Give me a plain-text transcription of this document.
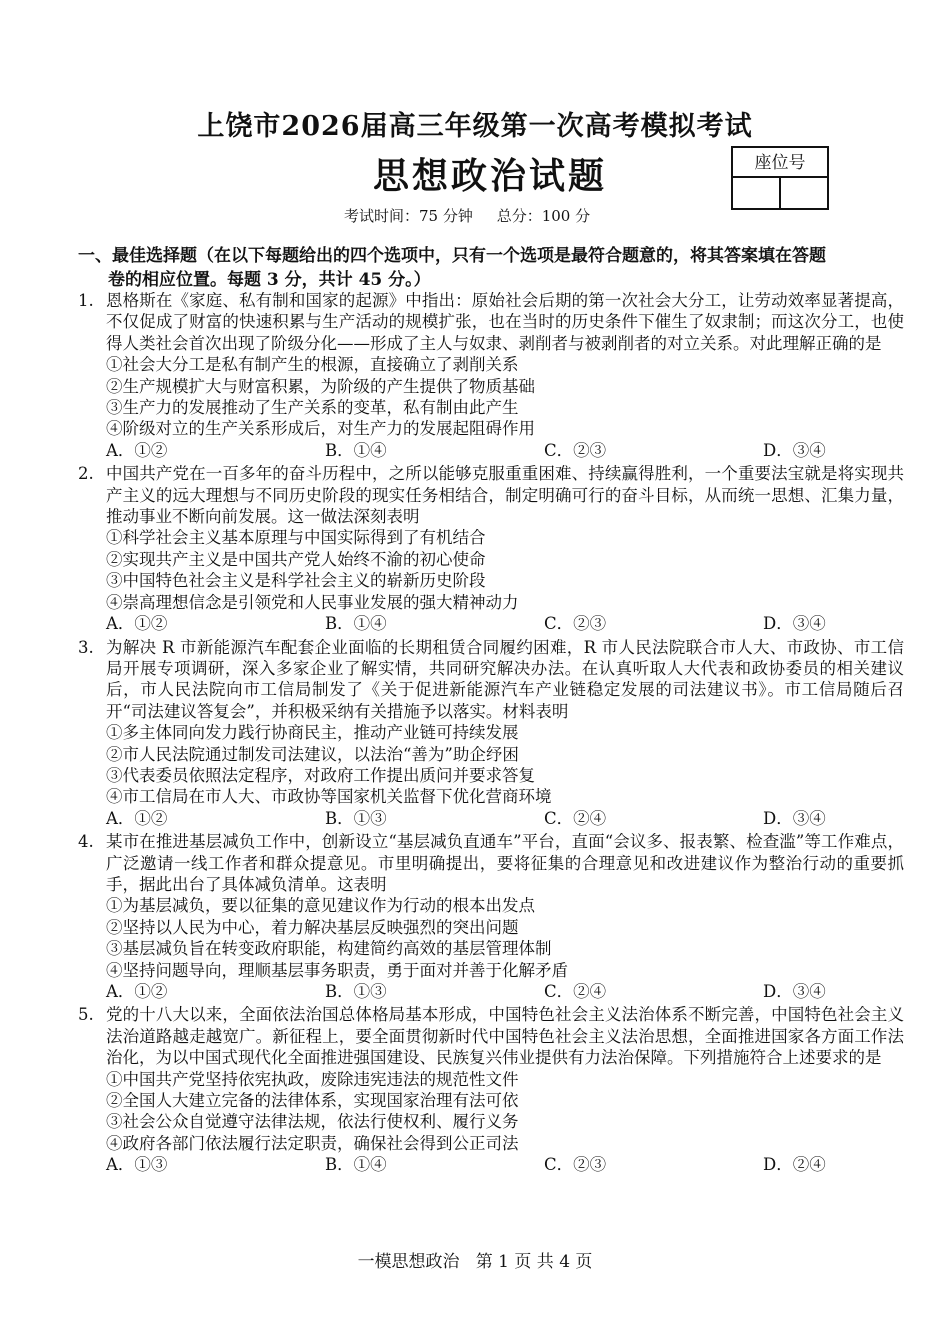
上饶市2026届高三年级第一次高考模拟考试
思想政治试题	座位号
考试时间：75 分钟     总分：100 分
一、最佳选择题（在以下每题给出的四个选项中，只有一个选项是最符合题意的，将其答案填在答题
卷的相应位置。每题 3 分，共计 45 分。）
1. 恩格斯在《家庭、私有制和国家的起源》中指出：原始社会后期的第一次社会大分工，让劳动效率显著提高，不仅促成了财富的快速积累与生产活动的规模扩张，也在当时的历史条件下催生了奴隶制；而这次分工，也使得人类社会首次出现了阶级分化——形成了主人与奴隶、剥削者与被剥削者的对立关系。对此理解正确的是
①社会大分工是私有制产生的根源，直接确立了剥削关系
②生产规模扩大与财富积累，为阶级的产生提供了物质基础
③生产力的发展推动了生产关系的变革，私有制由此产生
④阶级对立的生产关系形成后，对生产力的发展起阻碍作用
A．①②	B．①④	C．②③	D．③④
2. 中国共产党在一百多年的奋斗历程中，之所以能够克服重重困难、持续赢得胜利，一个重要法宝就是将实现共产主义的远大理想与不同历史阶段的现实任务相结合，制定明确可行的奋斗目标，从而统一思想、汇集力量，推动事业不断向前发展。这一做法深刻表明
①科学社会主义基本原理与中国实际得到了有机结合
②实现共产主义是中国共产党人始终不渝的初心使命
③中国特色社会主义是科学社会主义的崭新历史阶段
④崇高理想信念是引领党和人民事业发展的强大精神动力
A．①②	B．①④	C．②③	D．③④
3. 为解决 R 市新能源汽车配套企业面临的长期租赁合同履约困难，R 市人民法院联合市人大、市政协、市工信局开展专项调研，深入多家企业了解实情，共同研究解决办法。在认真听取人大代表和政协委员的相关建议后，市人民法院向市工信局制发了《关于促进新能源汽车产业链稳定发展的司法建议书》。市工信局随后召开“司法建议答复会”，并积极采纳有关措施予以落实。材料表明
①多主体同向发力践行协商民主，推动产业链可持续发展
②市人民法院通过制发司法建议，以法治“善为”助企纾困
③代表委员依照法定程序，对政府工作提出质问并要求答复
④市工信局在市人大、市政协等国家机关监督下优化营商环境
A．①②	B．①③	C．②④	D．③④
4. 某市在推进基层减负工作中，创新设立“基层减负直通车”平台，直面“会议多、报表繁、检查滥”等工作难点，广泛邀请一线工作者和群众提意见。市里明确提出，要将征集的合理意见和改进建议作为整治行动的重要抓手，据此出台了具体减负清单。这表明
①为基层减负，要以征集的意见建议作为行动的根本出发点
②坚持以人民为中心，着力解决基层反映强烈的突出问题
③基层减负旨在转变政府职能，构建简约高效的基层管理体制
④坚持问题导向，理顺基层事务职责，勇于面对并善于化解矛盾
A．①②	B．①③	C．②④	D．③④
5. 党的十八大以来，全面依法治国总体格局基本形成，中国特色社会主义法治体系不断完善，中国特色社会主义法治道路越走越宽广。新征程上，要全面贯彻新时代中国特色社会主义法治思想，全面推进国家各方面工作法治化，为以中国式现代化全面推进强国建设、民族复兴伟业提供有力法治保障。下列措施符合上述要求的是
①中国共产党坚持依宪执政，废除违宪违法的规范性文件
②全国人大建立完备的法律体系，实现国家治理有法可依
③社会公众自觉遵守法律法规，依法行使权利、履行义务
④政府各部门依法履行法定职责，确保社会得到公正司法
A．①③	B．①④	C．②③	D．②④
一模思想政治   第 1 页 共 4 页
